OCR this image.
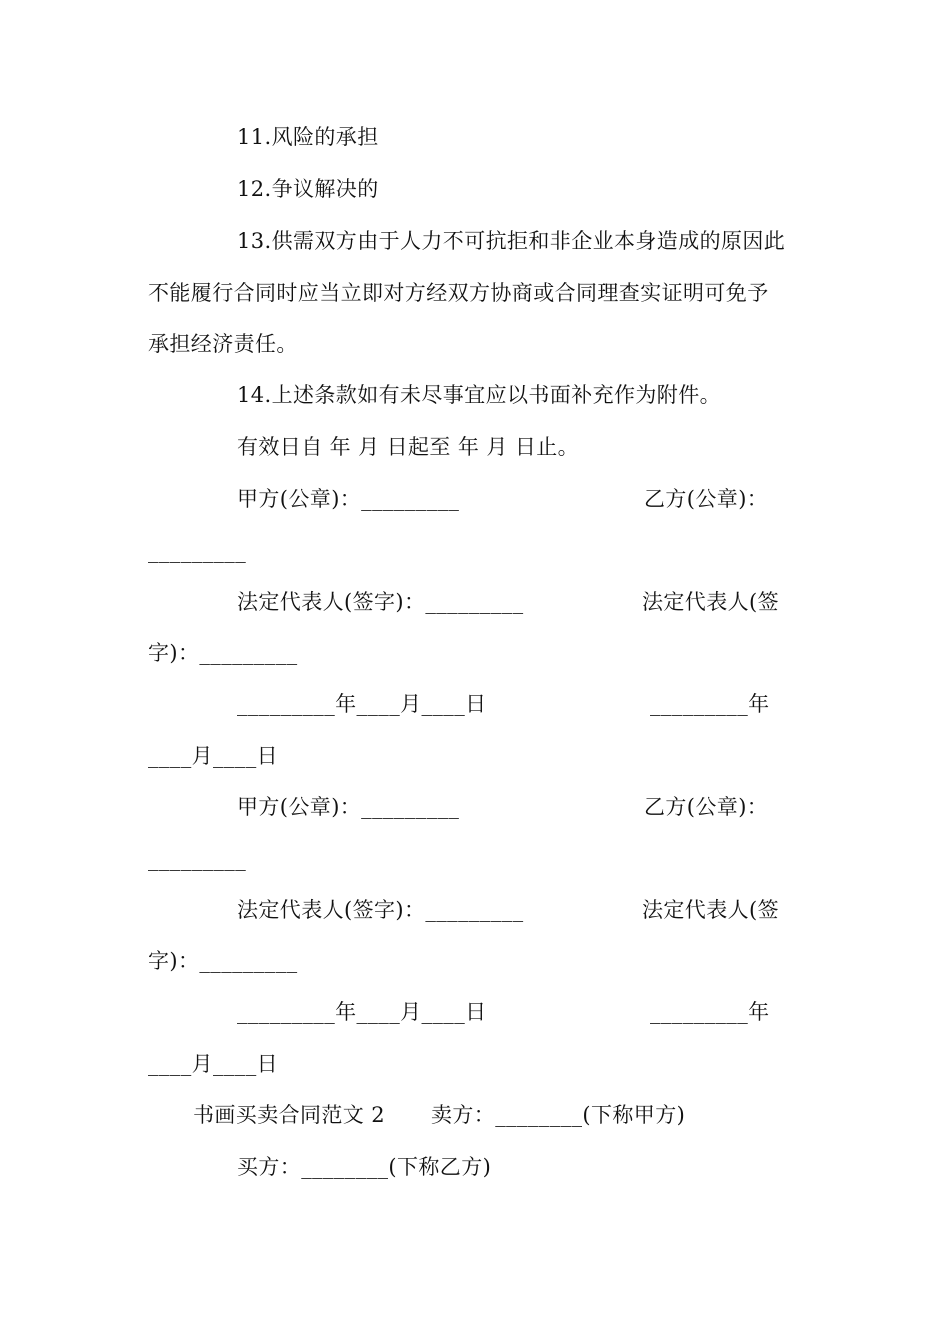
11.风险的承担
12.争议解决的
13.供需双方由于人力不可抗拒和非企业本身造成的原因此
不能履行合同时应当立即对方经双方协商或合同理查实证明可免予
承担经济责任。
14.上述条款如有未尽事宜应以书面补充作为附件。
有效日自 年 月 日起至 年 月 日止。
甲方(公章)：_________	乙方(公章)：
_________
法定代表人(签字)：_________	法定代表人(签
字)：_________
_________年____月____日	_________年
____月____日
甲方(公章)：_________	乙方(公章)：
_________
法定代表人(签字)：_________	法定代表人(签
字)：_________
_________年____月____日	_________年
____月____日
书画买卖合同范文 2 卖方：________(下称甲方)
买方：________(下称乙方)
